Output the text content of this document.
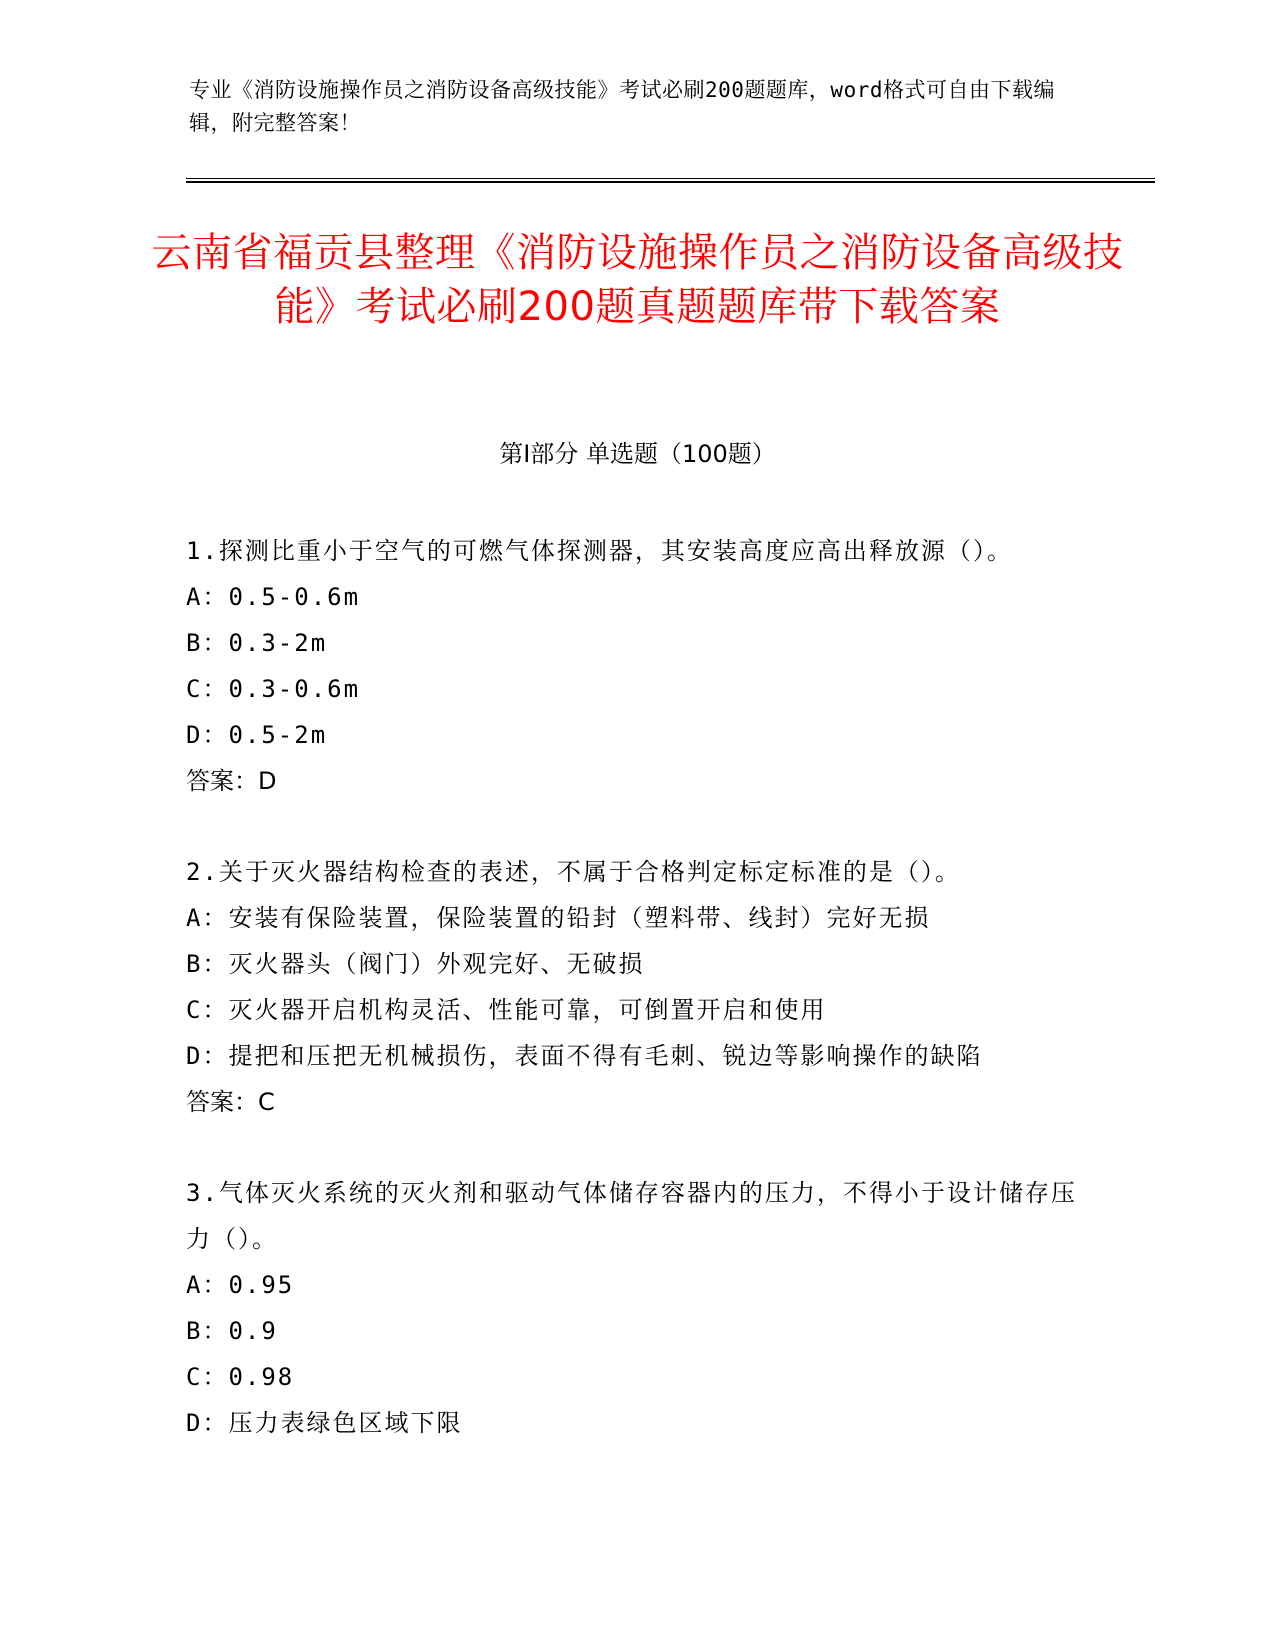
专业《消防设施操作员之消防设备高级技能》考试必刷200题题库，word格式可自由下载编辑，附完整答案！
云南省福贡县整理《消防设施操作员之消防设备高级技能》考试必刷200题真题题库带下载答案
第I部分 单选题（100题）
1.探测比重小于空气的可燃气体探测器，其安装高度应高出释放源（）。
A：0.5-0.6m
B：0.3-2m
C：0.3-0.6m
D：0.5-2m
答案：D
2.关于灭火器结构检查的表述，不属于合格判定标定标准的是（）。
A：安装有保险装置，保险装置的铅封（塑料带、线封）完好无损
B：灭火器头（阀门）外观完好、无破损
C：灭火器开启机构灵活、性能可靠，可倒置开启和使用
D：提把和压把无机械损伤，表面不得有毛刺、锐边等影响操作的缺陷
答案：C
3.气体灭火系统的灭火剂和驱动气体储存容器内的压力，不得小于设计储存压力（）。
A：0.95
B：0.9
C：0.98
D：压力表绿色区域下限
